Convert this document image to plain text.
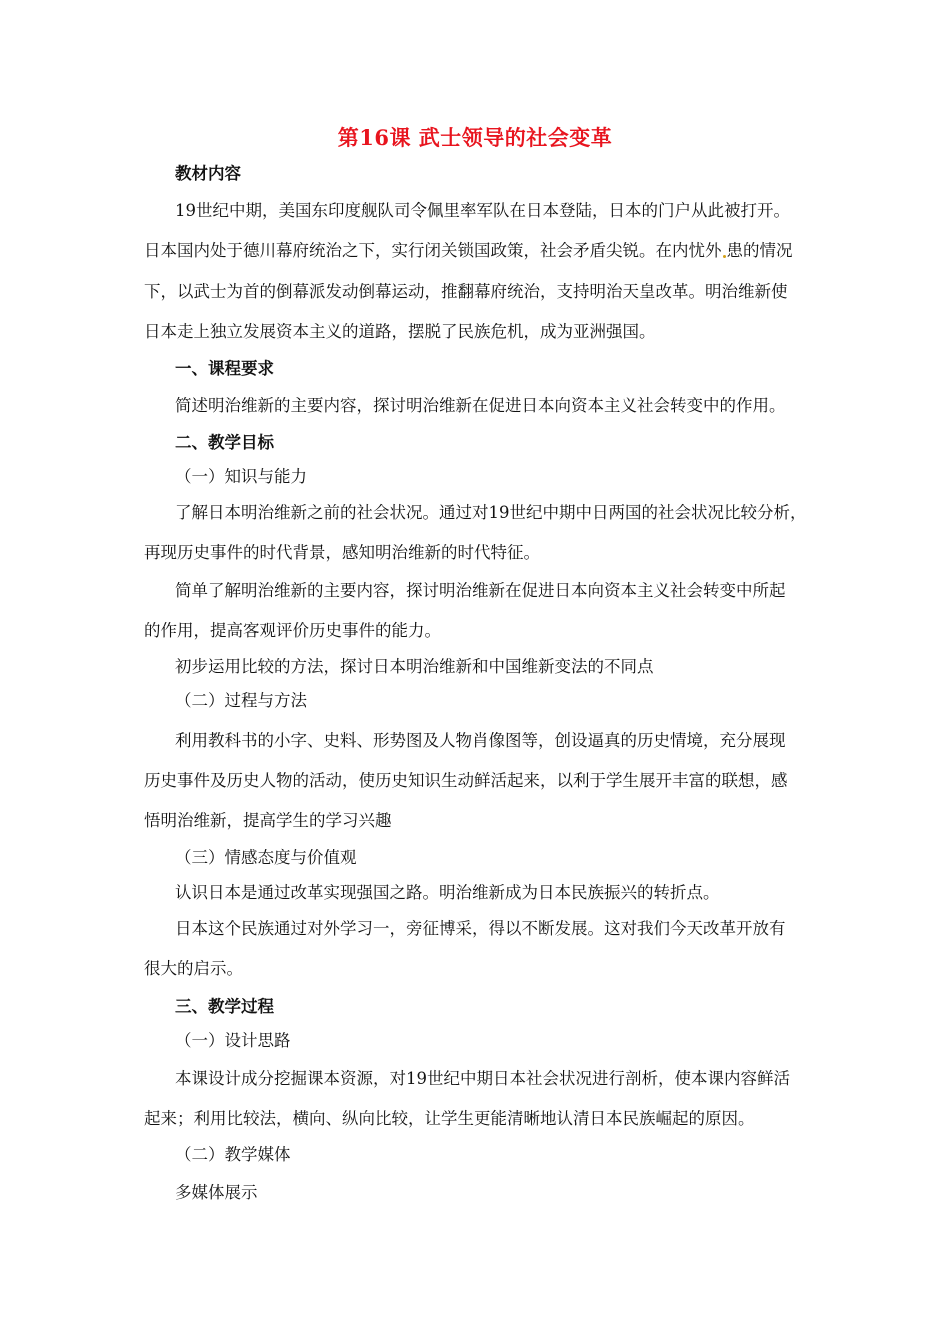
第16课 武士领导的社会变革
教材内容
19世纪中期，美国东印度舰队司令佩里率军队在日本登陆，日本的门户从此被打开。
日本国内处于德川幕府统治之下，实行闭关锁国政策，社会矛盾尖锐。在内忧外 患的情况
下，以武士为首的倒幕派发动倒幕运动，推翻幕府统治，支持明治天皇改革。明治维新使
日本走上独立发展资本主义的道路，摆脱了民族危机，成为亚洲强国。
一、课程要求
简述明治维新的主要内容，探讨明治维新在促进日本向资本主义社会转变中的作用。
二、教学目标
（一）知识与能力
了解日本明治维新之前的社会状况。通过对19世纪中期中日两国的社会状况比较分析，
再现历史事件的时代背景，感知明治维新的时代特征。
简单了解明治维新的主要内容，探讨明治维新在促进日本向资本主义社会转变中所起
的作用，提高客观评价历史事件的能力。
初步运用比较的方法，探讨日本明治维新和中国维新变法的不同点
（二）过程与方法
利用教科书的小字、史料、形势图及人物肖像图等，创设逼真的历史情境，充分展现
历史事件及历史人物的活动，使历史知识生动鲜活起来，以利于学生展开丰富的联想，感
悟明治维新，提高学生的学习兴趣
（三）情感态度与价值观
认识日本是通过改革实现强国之路。明治维新成为日本民族振兴的转折点。
日本这个民族通过对外学习一，旁征博采，得以不断发展。这对我们今天改革开放有
很大的启示。
三、教学过程
（一）设计思路
本课设计成分挖掘课本资源，对19世纪中期日本社会状况进行剖析，使本课内容鲜活
起来；利用比较法，横向、纵向比较，让学生更能清晰地认清日本民族崛起的原因。
（二）教学媒体
多媒体展示
